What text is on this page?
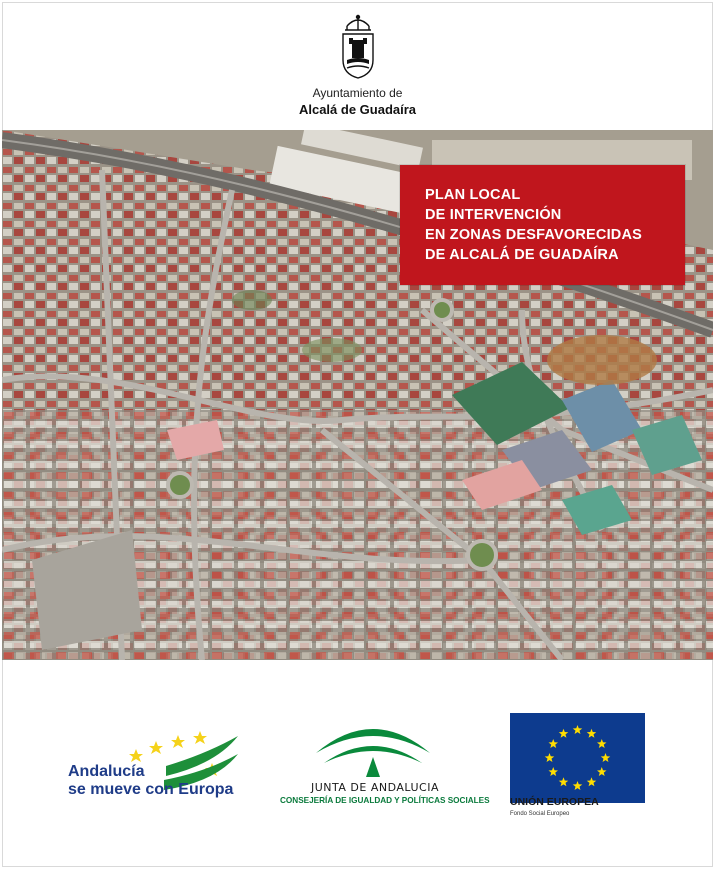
Ayuntamiento de
Alcalá de Guadaíra
PLAN LOCAL
DE INTERVENCIÓN
EN ZONAS DESFAVORECIDAS
DE ALCALÁ DE GUADAÍRA
Andalucía
se mueve con Europa	JUNTA DE ANDALUCIA
CONSEJERÍA DE IGUALDAD Y POLÍTICAS SOCIALES UNIÓN EUROPEA
Fondo Social Europeo
